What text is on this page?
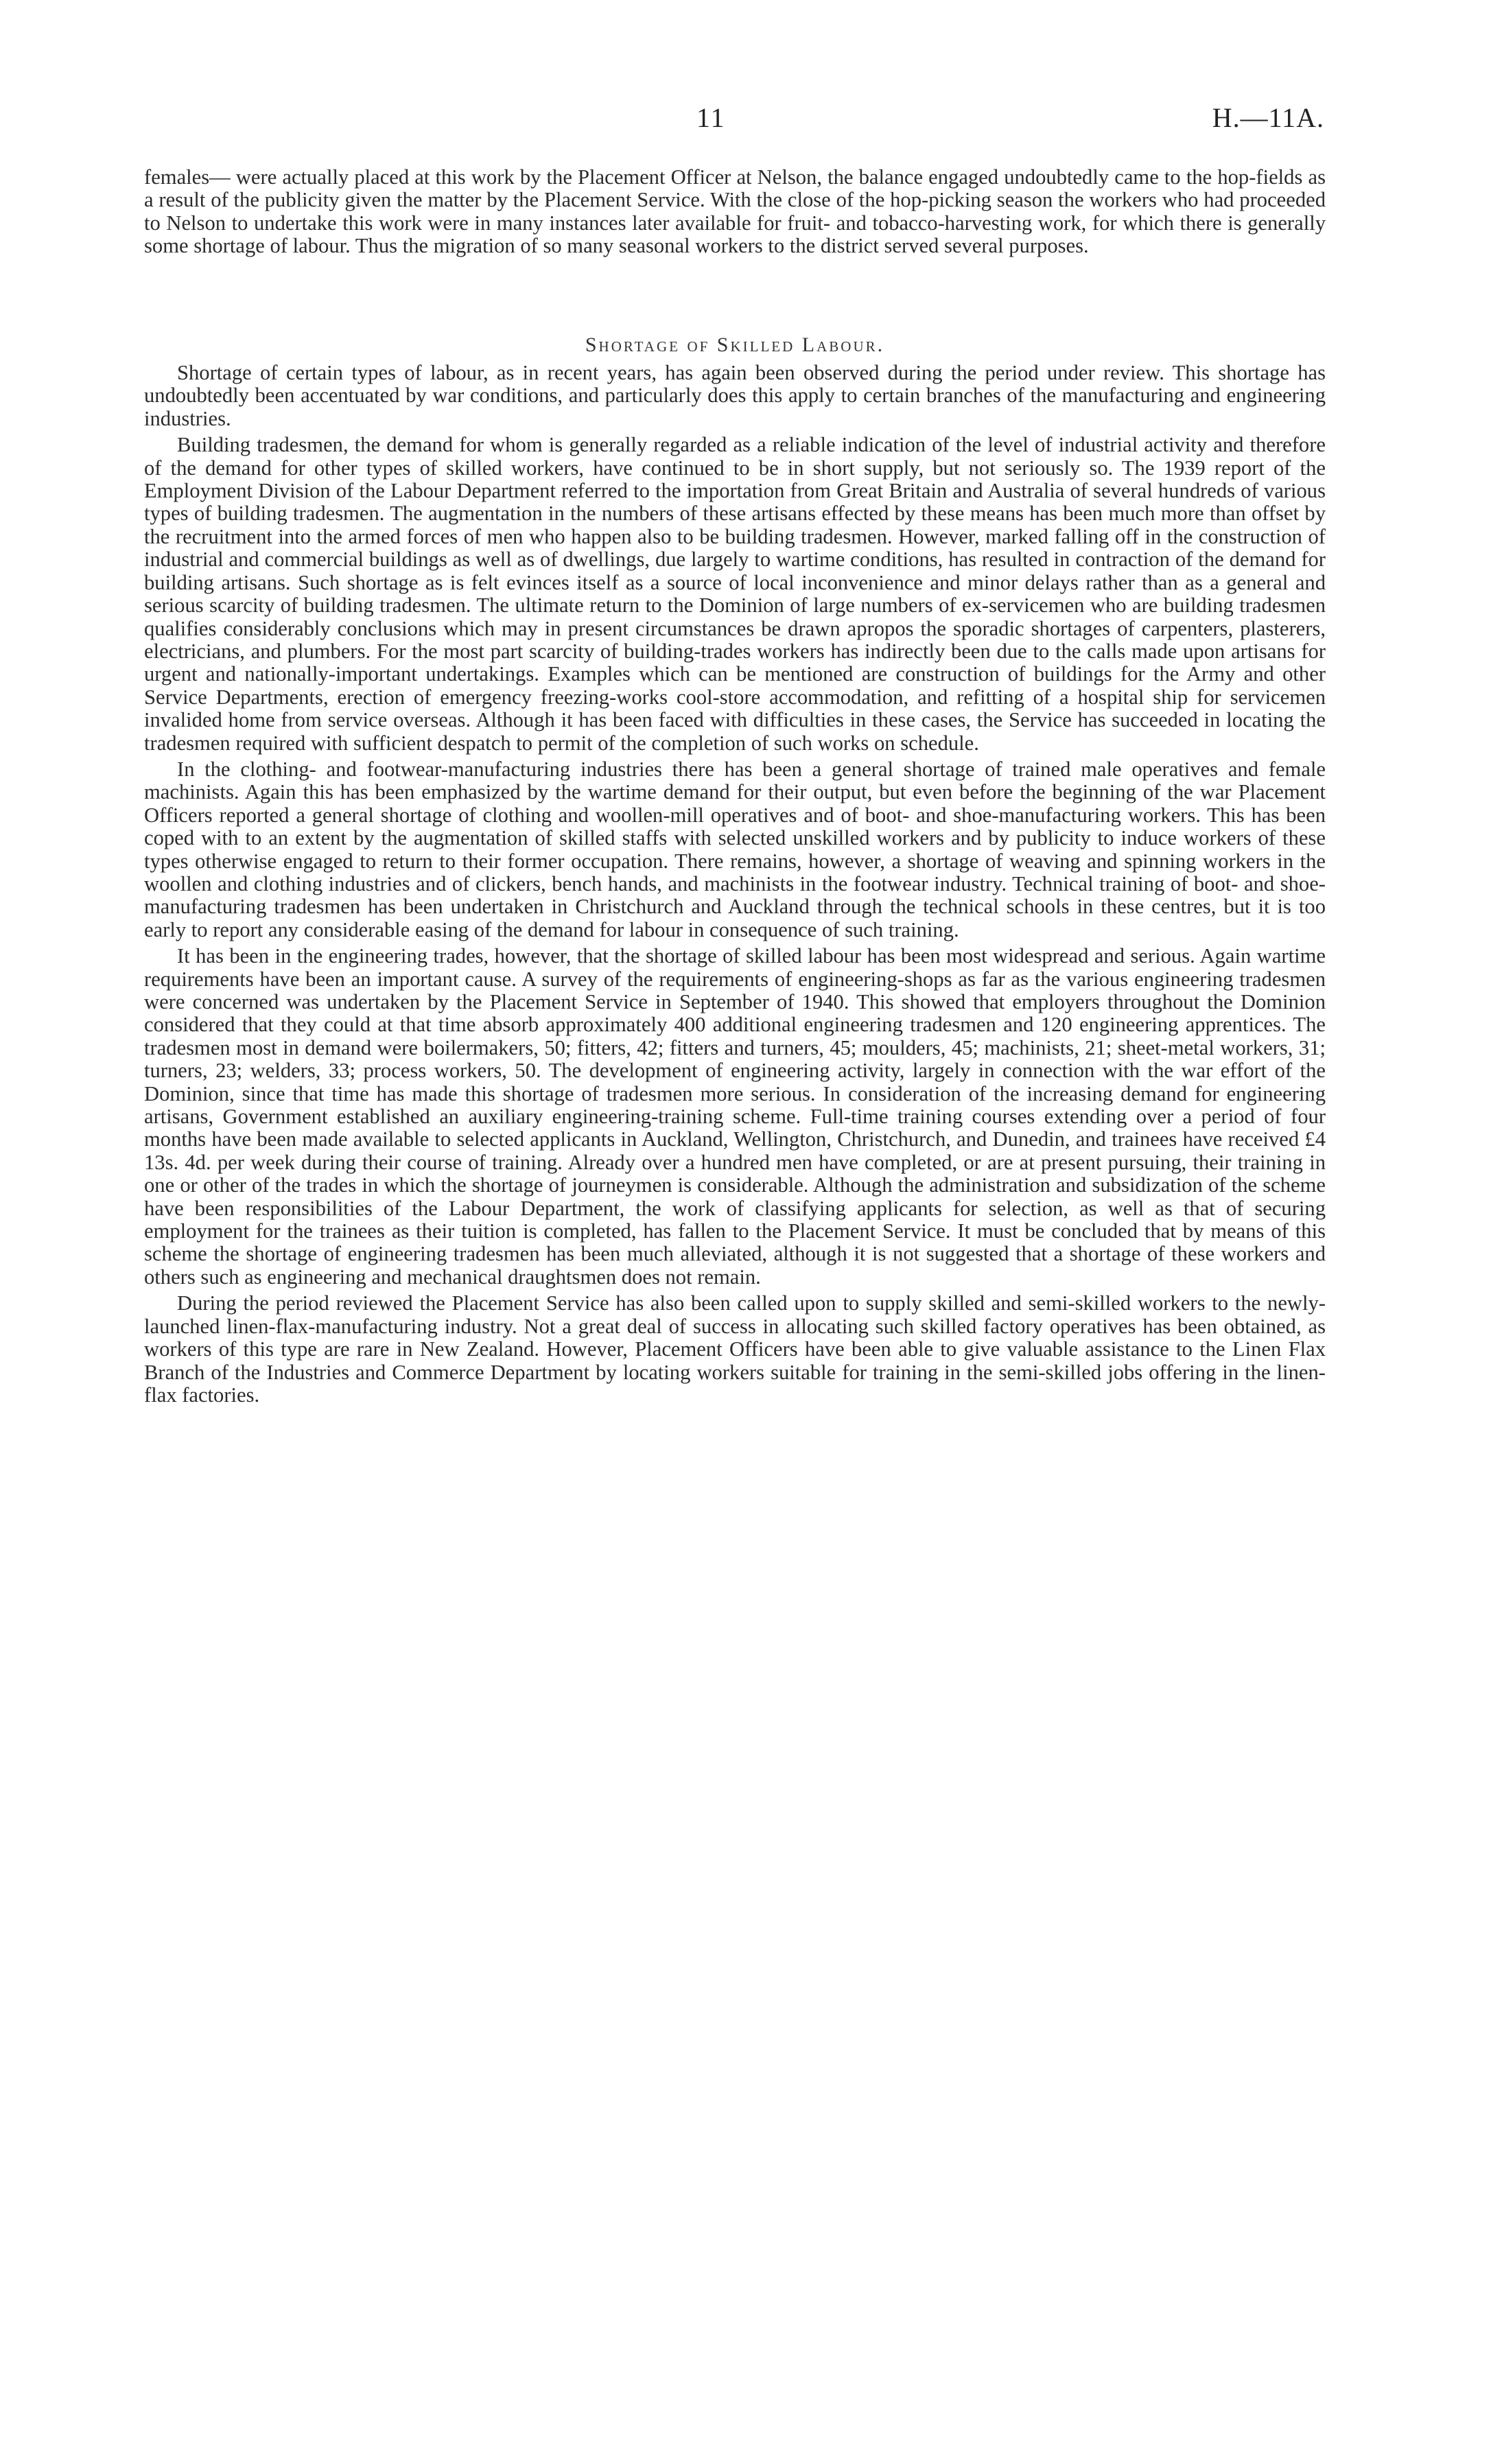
11	H.—11A.

females— were actually placed at this work by the Placement Officer at Nelson, the balance engaged undoubtedly came to the hop-fields as a result of the publicity given the matter by the Placement Service. With the close of the hop-picking season the workers who had proceeded to Nelson to undertake this work were in many instances later available for fruit- and tobacco-harvesting work, for which there is generally some shortage of labour. Thus the migration of so many seasonal workers to the district served several purposes.

Shortage of Skilled Labour.

Shortage of certain types of labour, as in recent years, has again been observed during the period under review. This shortage has undoubtedly been accentuated by war conditions, and particularly does this apply to certain branches of the manufacturing and engineering industries.

Building tradesmen, the demand for whom is generally regarded as a reliable indication of the level of industrial activity and therefore of the demand for other types of skilled workers, have continued to be in short supply, but not seriously so. The 1939 report of the Employment Division of the Labour Department referred to the importation from Great Britain and Australia of several hundreds of various types of building tradesmen. The augmentation in the numbers of these artisans effected by these means has been much more than offset by the recruitment into the armed forces of men who happen also to be building tradesmen. However, marked falling off in the construction of industrial and commercial buildings as well as of dwellings, due largely to wartime conditions, has resulted in contraction of the demand for building artisans. Such shortage as is felt evinces itself as a source of local inconvenience and minor delays rather than as a general and serious scarcity of building tradesmen. The ultimate return to the Dominion of large numbers of ex-servicemen who are building tradesmen qualifies considerably conclusions which may in present circumstances be drawn apropos the sporadic shortages of carpenters, plasterers, electricians, and plumbers. For the most part scarcity of building-trades workers has indirectly been due to the calls made upon artisans for urgent and nationally-important undertakings. Examples which can be mentioned are construction of buildings for the Army and other Service Departments, erection of emergency freezing-works cool-store accommodation, and refitting of a hospital ship for servicemen invalided home from service overseas. Although it has been faced with difficulties in these cases, the Service has succeeded in locating the tradesmen required with sufficient despatch to permit of the completion of such works on schedule.

In the clothing- and footwear-manufacturing industries there has been a general shortage of trained male operatives and female machinists. Again this has been emphasized by the wartime demand for their output, but even before the beginning of the war Placement Officers reported a general shortage of clothing and woollen-mill operatives and of boot- and shoe-manufacturing workers. This has been coped with to an extent by the augmentation of skilled staffs with selected unskilled workers and by publicity to induce workers of these types otherwise engaged to return to their former occupation. There remains, however, a shortage of weaving and spinning workers in the woollen and clothing industries and of clickers, bench hands, and machinists in the footwear industry. Technical training of boot- and shoe-manufacturing tradesmen has been undertaken in Christchurch and Auckland through the technical schools in these centres, but it is too early to report any considerable easing of the demand for labour in consequence of such training.

It has been in the engineering trades, however, that the shortage of skilled labour has been most widespread and serious. Again wartime requirements have been an important cause. A survey of the requirements of engineering-shops as far as the various engineering tradesmen were concerned was undertaken by the Placement Service in September of 1940. This showed that employers throughout the Dominion considered that they could at that time absorb approximately 400 additional engineering tradesmen and 120 engineering apprentices. The tradesmen most in demand were boilermakers, 50; fitters, 42; fitters and turners, 45; moulders, 45; machinists, 21; sheet-metal workers, 31; turners, 23; welders, 33; process workers, 50. The development of engineering activity, largely in connection with the war effort of the Dominion, since that time has made this shortage of tradesmen more serious. In consideration of the increasing demand for engineering artisans, Government established an auxiliary engineering-training scheme. Full-time training courses extending over a period of four months have been made available to selected applicants in Auckland, Wellington, Christchurch, and Dunedin, and trainees have received £4 13s. 4d. per week during their course of training. Already over a hundred men have completed, or are at present pursuing, their training in one or other of the trades in which the shortage of journeymen is considerable. Although the administration and subsidization of the scheme have been responsibilities of the Labour Department, the work of classifying applicants for selection, as well as that of securing employment for the trainees as their tuition is completed, has fallen to the Placement Service. It must be concluded that by means of this scheme the shortage of engineering tradesmen has been much alleviated, although it is not suggested that a shortage of these workers and others such as engineering and mechanical draughtsmen does not remain.

During the period reviewed the Placement Service has also been called upon to supply skilled and semi-skilled workers to the newly-launched linen-flax-manufacturing industry. Not a great deal of success in allocating such skilled factory operatives has been obtained, as workers of this type are rare in New Zealand. However, Placement Officers have been able to give valuable assistance to the Linen Flax Branch of the Industries and Commerce Department by locating workers suitable for training in the semi-skilled jobs offering in the linen-flax factories.
